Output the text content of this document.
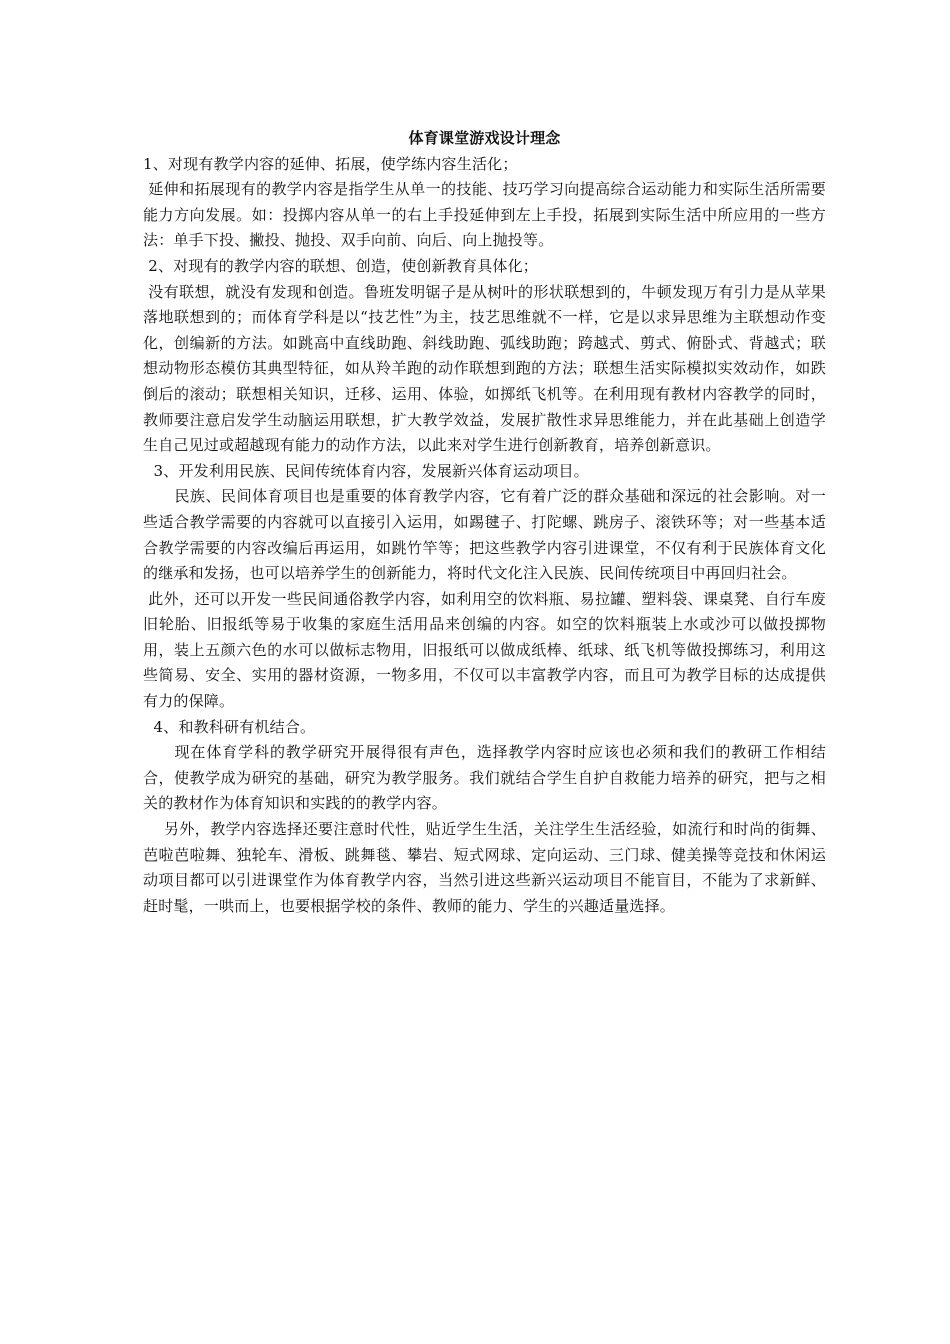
体育课堂游戏设计理念

1、对现有教学内容的延伸、拓展，使学练内容生活化；

延伸和拓展现有的教学内容是指学生从单一的技能、技巧学习向提高综合运动能力和实际生活所需要能力方向发展。如：投掷内容从单一的右上手投延伸到左上手投，拓展到实际生活中所应用的一些方法：单手下投、撇投、抛投、双手向前、向后、向上抛投等。

2、对现有的教学内容的联想、创造，使创新教育具体化；

没有联想，就没有发现和创造。鲁班发明锯子是从树叶的形状联想到的，牛顿发现万有引力是从苹果落地联想到的；而体育学科是以“技艺性”为主，技艺思维就不一样，它是以求异思维为主联想动作变化，创编新的方法。如跳高中直线助跑、斜线助跑、弧线助跑；跨越式、剪式、俯卧式、背越式；联想动物形态模仿其典型特征，如从羚羊跑的动作联想到跑的方法；联想生活实际模拟实效动作，如跌倒后的滚动；联想相关知识，迁移、运用、体验，如掷纸飞机等。在利用现有教材内容教学的同时，教师要注意启发学生动脑运用联想，扩大教学效益，发展扩散性求异思维能力，并在此基础上创造学生自己见过或超越现有能力的动作方法，以此来对学生进行创新教育，培养创新意识。

3、开发利用民族、民间传统体育内容，发展新兴体育运动项目。

民族、民间体育项目也是重要的体育教学内容，它有着广泛的群众基础和深远的社会影响。对一些适合教学需要的内容就可以直接引入运用，如踢毽子、打陀螺、跳房子、滚铁环等；对一些基本适合教学需要的内容改编后再运用，如跳竹竿等；把这些教学内容引进课堂，不仅有利于民族体育文化的继承和发扬，也可以培养学生的创新能力，将时代文化注入民族、民间传统项目中再回归社会。

此外，还可以开发一些民间通俗教学内容，如利用空的饮料瓶、易拉罐、塑料袋、课桌凳、自行车废旧轮胎、旧报纸等易于收集的家庭生活用品来创编的内容。如空的饮料瓶装上水或沙可以做投掷物用，装上五颜六色的水可以做标志物用，旧报纸可以做成纸棒、纸球、纸飞机等做投掷练习，利用这些简易、安全、实用的器材资源，一物多用，不仅可以丰富教学内容，而且可为教学目标的达成提供有力的保障。

4、和教科研有机结合。

现在体育学科的教学研究开展得很有声色，选择教学内容时应该也必须和我们的教研工作相结合，使教学成为研究的基础，研究为教学服务。我们就结合学生自护自救能力培养的研究，把与之相关的教材作为体育知识和实践的的教学内容。

另外，教学内容选择还要注意时代性，贴近学生生活，关注学生生活经验，如流行和时尚的街舞、芭啦芭啦舞、独轮车、滑板、跳舞毯、攀岩、短式网球、定向运动、三门球、健美操等竞技和休闲运动项目都可以引进课堂作为体育教学内容，当然引进这些新兴运动项目不能盲目，不能为了求新鲜、赶时髦，一哄而上，也要根据学校的条件、教师的能力、学生的兴趣适量选择。
